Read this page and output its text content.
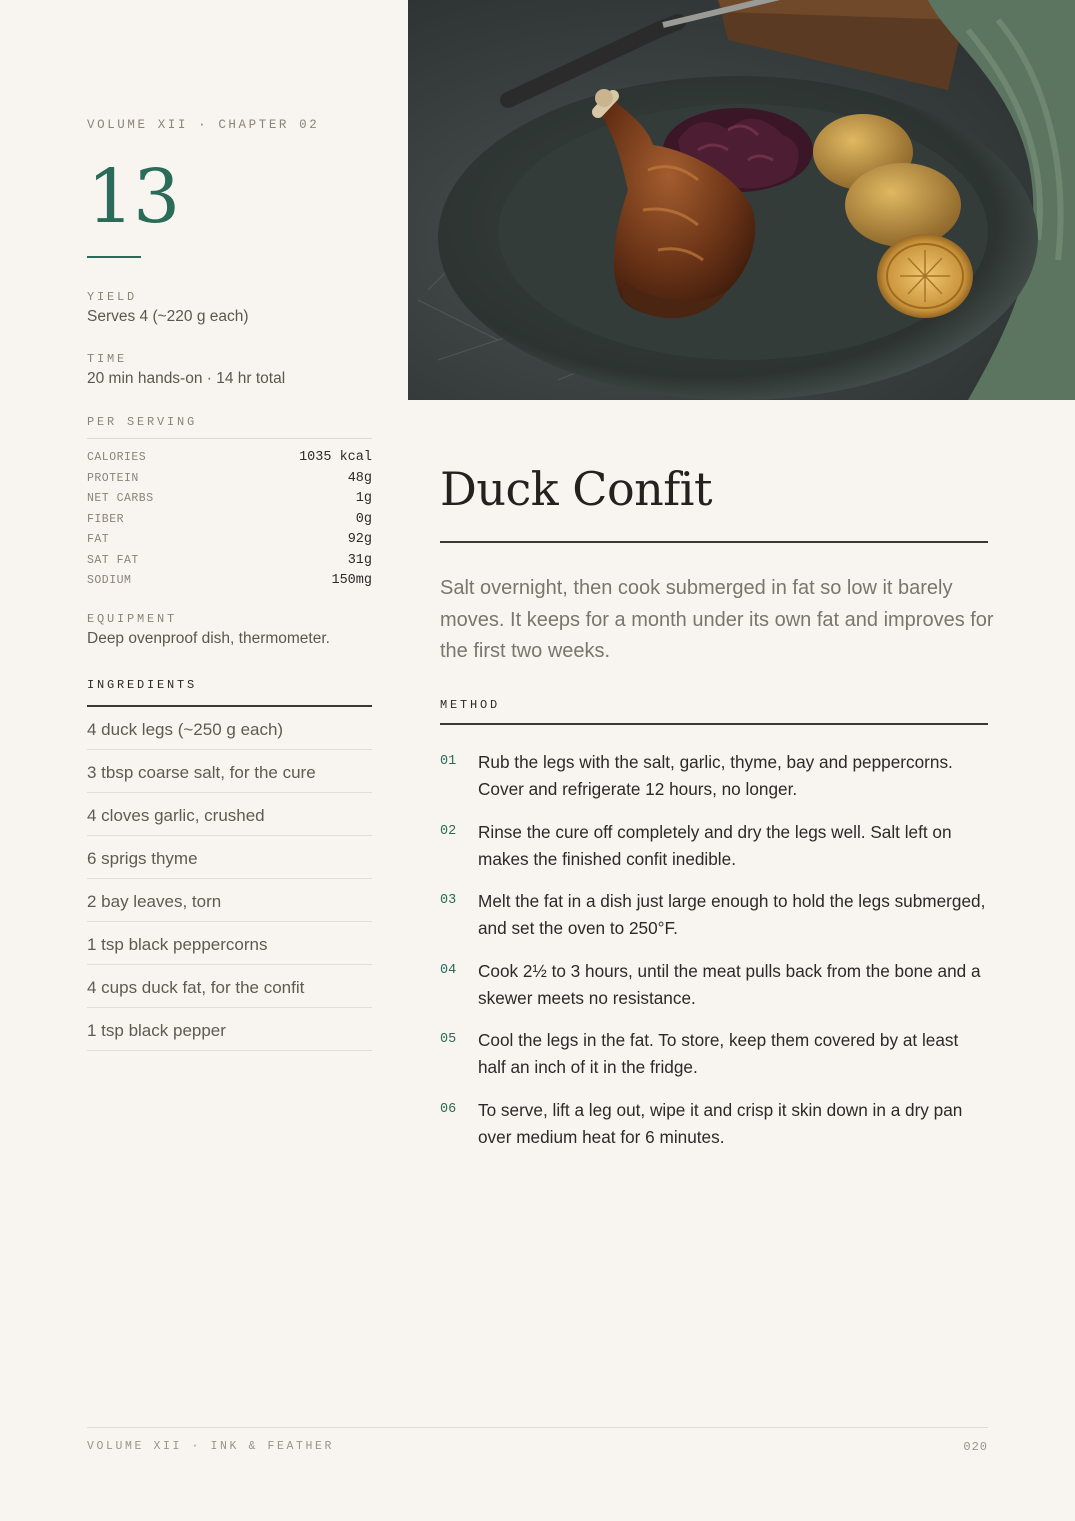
VOLUME XII · CHAPTER 02
13
YIELD
Serves 4 (~220 g each)
TIME
20 min hands-on · 14 hr total
PER SERVING
CALORIES	1035 kcal
PROTEIN	48g
NET CARBS	1g
FIBER	0g
FAT	92g
SAT FAT	31g
SODIUM	150mg
EQUIPMENT
Deep ovenproof dish, thermometer.
INGREDIENTS
4 duck legs (~250 g each)
3 tbsp coarse salt, for the cure
4 cloves garlic, crushed
6 sprigs thyme
2 bay leaves, torn
1 tsp black peppercorns
4 cups duck fat, for the confit
1 tsp black pepper
Duck Confit

Salt overnight, then cook submerged in fat so low it barely moves. It keeps for a month under its own fat and improves for the first two weeks.

METHOD
01	Rub the legs with the salt, garlic, thyme, bay and peppercorns. Cover and refrigerate 12 hours, no longer.
02	Rinse the cure off completely and dry the legs well. Salt left on makes the finished confit inedible.
03	Melt the fat in a dish just large enough to hold the legs submerged, and set the oven to 250°F.
04	Cook 2½ to 3 hours, until the meat pulls back from the bone and a skewer meets no resistance.
05	Cool the legs in the fat. To store, keep them covered by at least half an inch of it in the fridge.
06	To serve, lift a leg out, wipe it and crisp it skin down in a dry pan over medium heat for 6 minutes.
VOLUME XII · INK & FEATHER	020
